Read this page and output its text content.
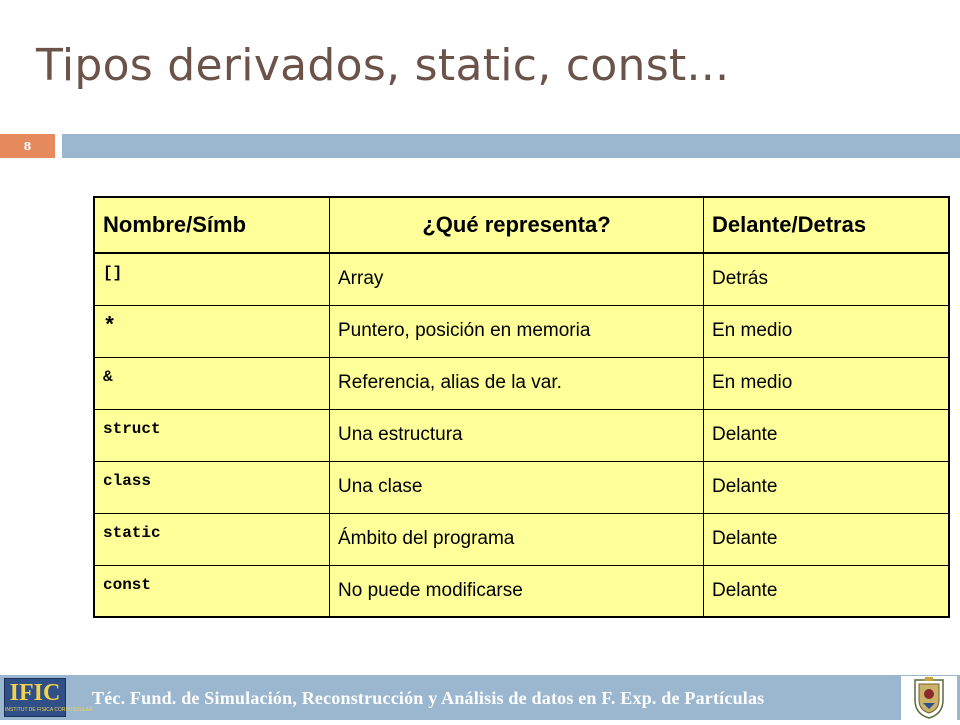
Tipos derivados, static, const...
8
Nombre/Símb	¿Qué representa?	Delante/Detras
[]	Array	Detrás
*	Puntero, posición en memoria	En medio
&	Referencia, alias de la var.	En medio
struct	Una estructura	Delante
class	Una clase	Delante
static	Ámbito del programa	Delante
const	No puede modificarse	Delante
IFIC
INSTITUT DE FISICA CORPUSCULAR
Téc. Fund. de Simulación, Reconstrucción y Análisis de datos en F. Exp. de Partículas
